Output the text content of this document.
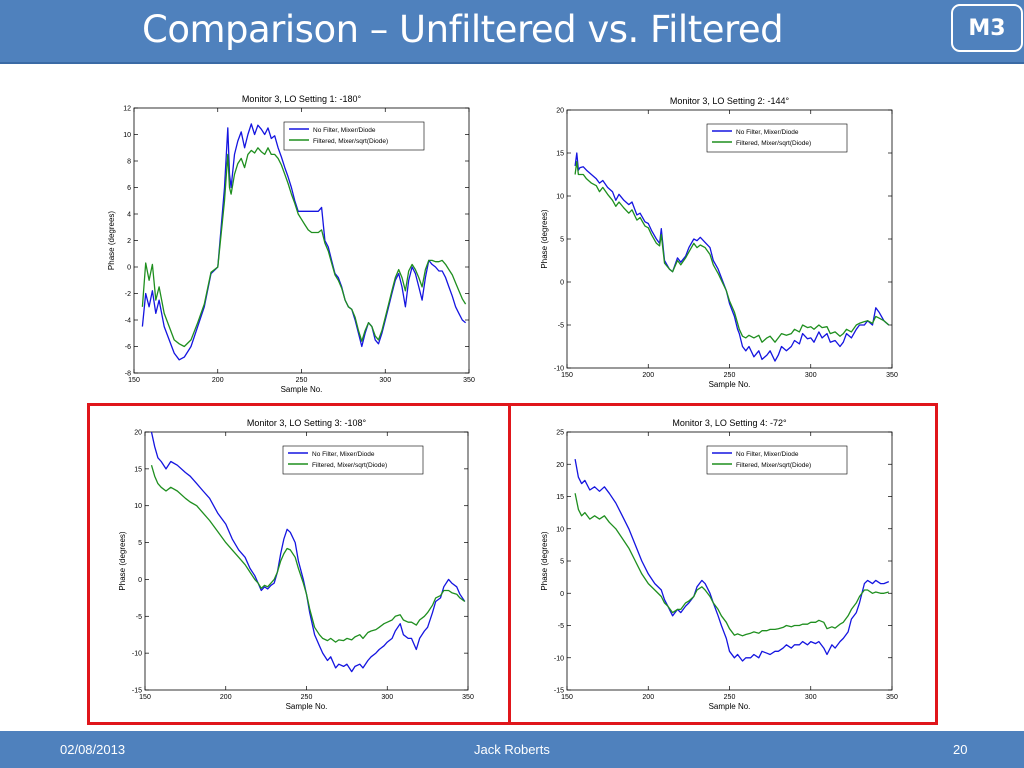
Comparison – Unfiltered vs. Filtered	M3
Monitor 3, LO Setting 1: -180°
150	200	250	300	350
-8
-6
-4
-2
0
2
4
6
8
10
12
Sample No.
Phase (degrees)
No Filter, Mixer/Diode
Filtered, Mixer/sqrt(Diode)
Monitor 3, LO Setting 2: -144°
150	200	250	300	350
-10
-5
0
5
10
15
20
Sample No.
Phase (degrees)
No Filter, Mixer/Diode
Filtered, Mixer/sqrt(Diode)
Monitor 3, LO Setting 3: -108°
150	200	250	300	350
-15
-10
-5
0
5
10
15
20
Sample No.
Phase (degrees)
No Filter, Mixer/Diode
Filtered, Mixer/sqrt(Diode)
Monitor 3, LO Setting 4: -72°
150	200	250	300	350
-15
-10
-5
0
5
10
15
20
25
Sample No.
Phase (degrees)
No Filter, Mixer/Diode
Filtered, Mixer/sqrt(Diode)
02/08/2013	Jack Roberts	20
